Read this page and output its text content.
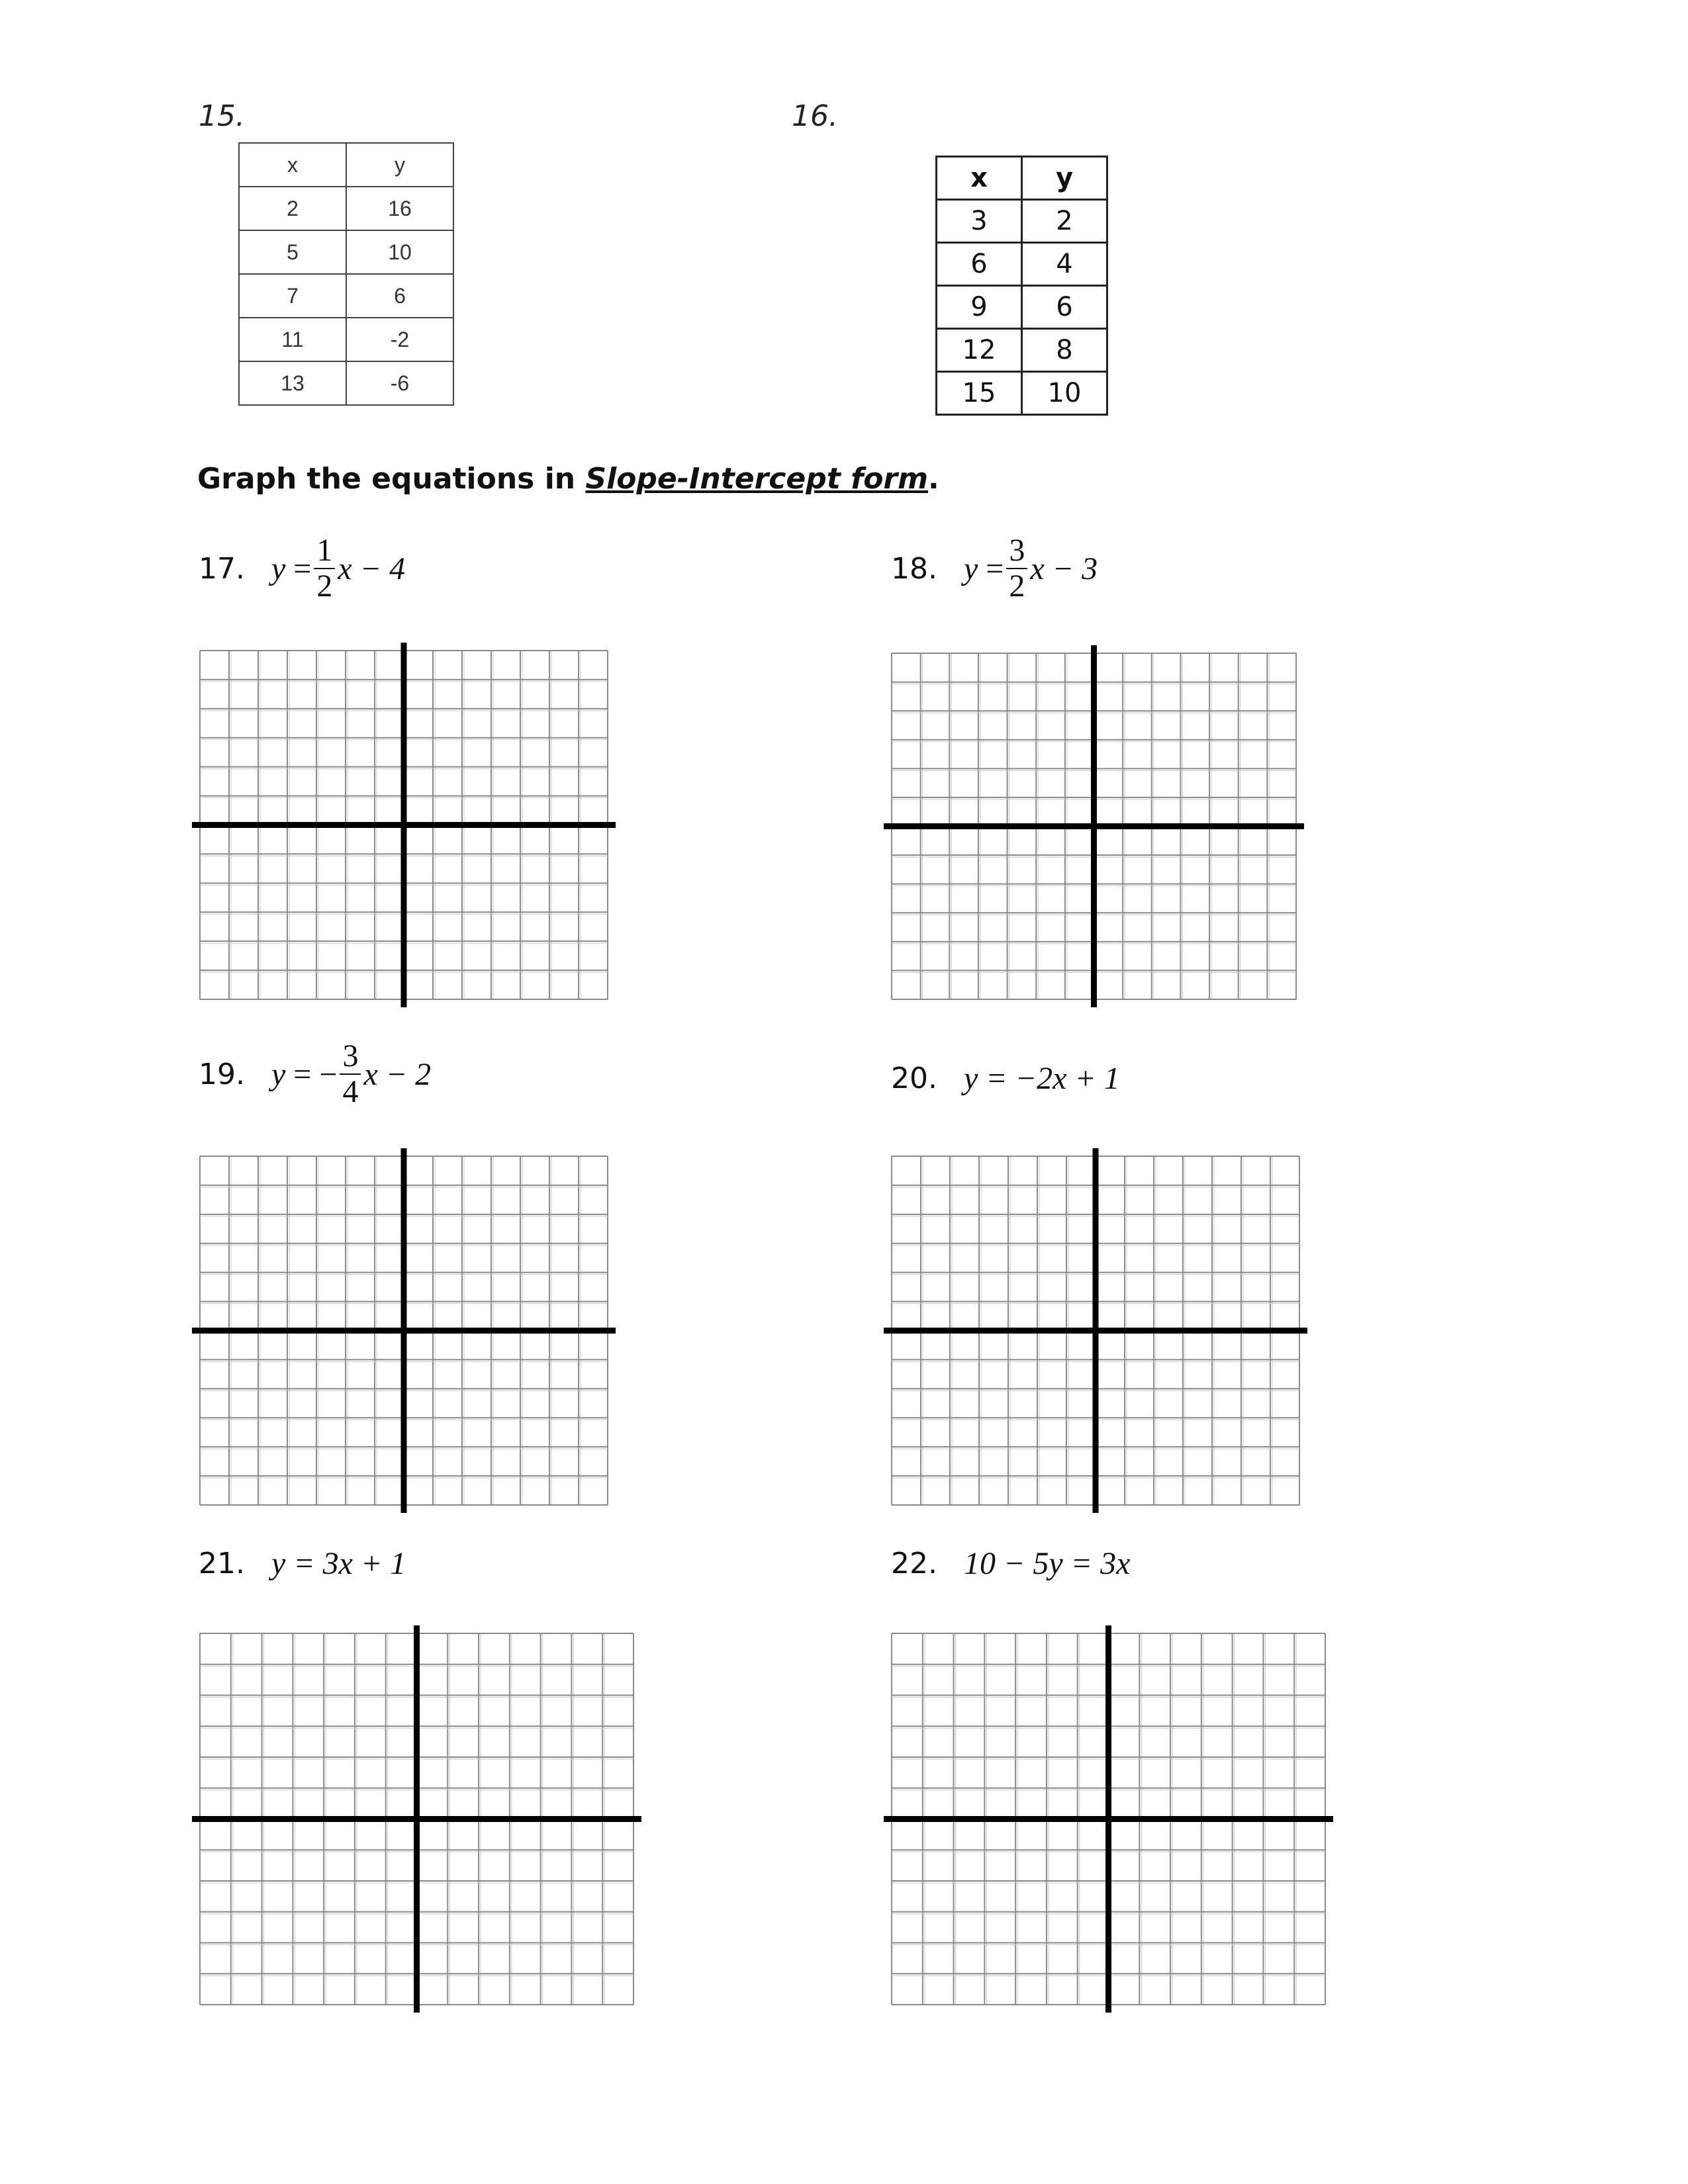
15.
x	y
2	16
5	10
7	6
11	-2
13	-6
16.
x	y
3	2
6	4
9	6
12	8
15	10
Graph the equations in Slope-Intercept form.
17. y
= $\frac{1}{2}$ x − 4	18. y
= $\frac{3}{2}$ x − 3
19. y
= − $\frac{3}{4}$ x − 2	20. y = −2x + 1
21. y = 3x + 1	22. 10 − 5y = 3x
